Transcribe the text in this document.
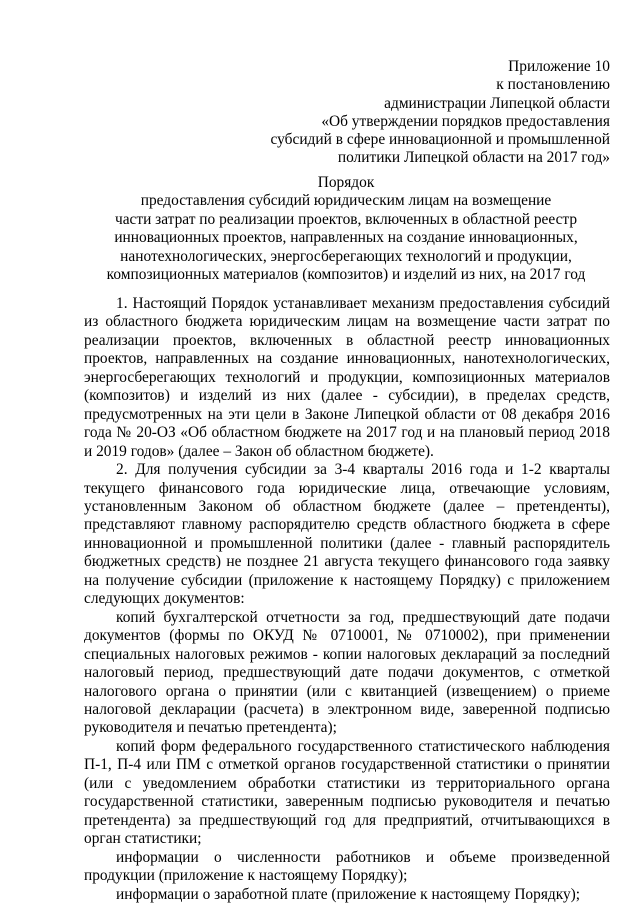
Приложение 10
к постановлению
администрации Липецкой области
«Об утверждении порядков предоставления
субсидий в сфере инновационной и промышленной
политики Липецкой области на 2017 год»
Порядок
предоставления субсидий юридическим лицам на возмещение
части затрат по реализации проектов, включенных в областной реестр
инновационных проектов, направленных на создание инновационных,
нанотехнологических, энергосберегающих технологий и продукции,
композиционных материалов (композитов) и изделий из них, на 2017 год

1. Настоящий Порядок устанавливает механизм предоставления субсидий из областного бюджета юридическим лицам на возмещение части затрат по реализации проектов, включенных в областной реестр инновационных проектов, направленных на создание инновационных, нанотехнологических, энергосберегающих технологий и продукции, композиционных материалов (композитов) и изделий из них (далее - субсидии), в пределах средств, предусмотренных на эти цели в Законе Липецкой области от 08 декабря 2016 года № 20-ОЗ «Об областном бюджете на 2017 год и на плановый период 2018 и 2019 годов» (далее – Закон об областном бюджете).

2. Для получения субсидии за 3-4 кварталы 2016 года и 1-2 кварталы текущего финансового года юридические лица, отвечающие условиям, установленным Законом об областном бюджете (далее – претенденты), представляют главному распорядителю средств областного бюджета в сфере инновационной и промышленной политики (далее - главный распорядитель бюджетных средств) не позднее 21 августа текущего финансового года заявку на получение субсидии (приложение к настоящему Порядку) с приложением следующих документов:

копий бухгалтерской отчетности за год, предшествующий дате подачи документов (формы по ОКУД № 0710001, № 0710002), при применении специальных налоговых режимов - копии налоговых деклараций за последний налоговый период, предшествующий дате подачи документов, с отметкой налогового органа о принятии (или с квитанцией (извещением) о приеме налоговой декларации (расчета) в электронном виде, заверенной подписью руководителя и печатью претендента);

копий форм федерального государственного статистического наблюдения П-1, П-4 или ПМ с отметкой органов государственной статистики о принятии (или с уведомлением обработки статистики из территориального органа государственной статистики, заверенным подписью руководителя и печатью претендента) за предшествующий год для предприятий, отчитывающихся в орган статистики;

информации о численности работников и объеме произведенной продукции (приложение к настоящему Порядку);

информации о заработной плате (приложение к настоящему Порядку);
